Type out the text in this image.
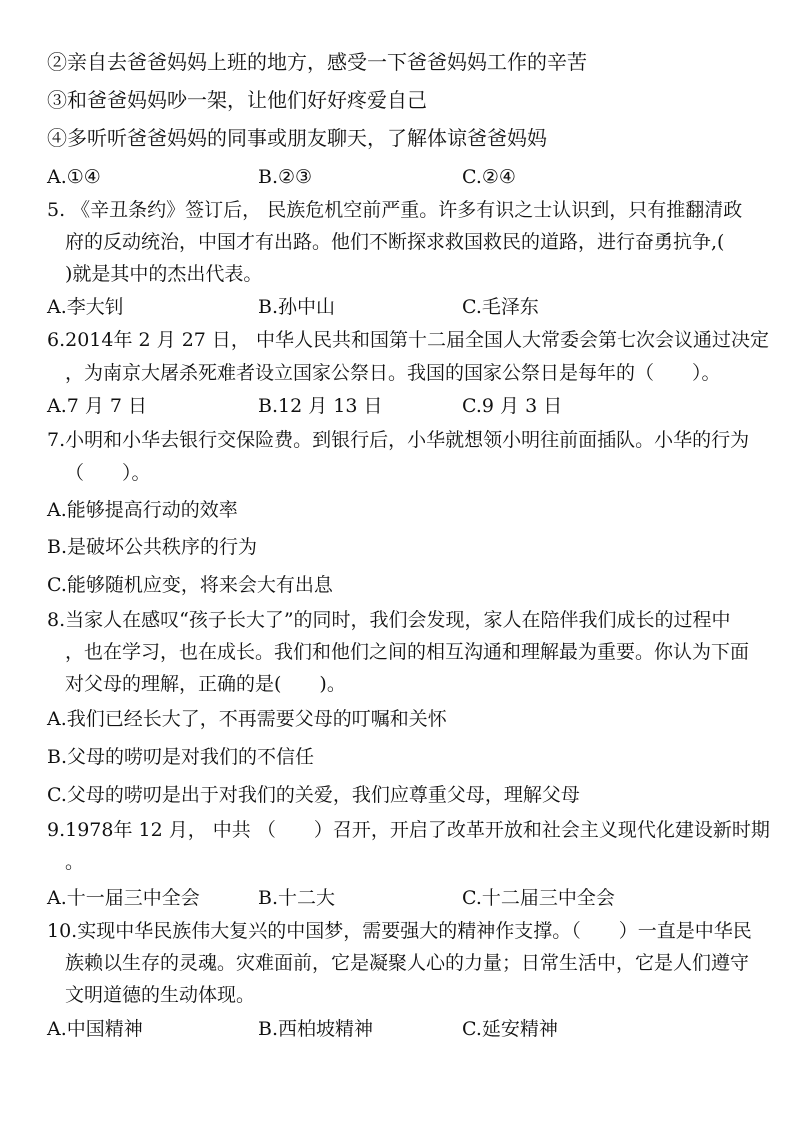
②亲自去爸爸妈妈上班的地方，感受一下爸爸妈妈工作的辛苦
③和爸爸妈妈吵一架，让他们好好疼爱自己
④多听听爸爸妈妈的同事或朋友聊天，了解体谅爸爸妈妈
A.①④	B.②③	C.②④
5. 《辛丑条约》签订后， 民族危机空前严重。许多有识之士认识到，只有推翻清政
府的反动统治，中国才有出路。他们不断探求救国救民的道路，进行奋勇抗争,(
)就是其中的杰出代表。
A.李大钊	B.孙中山	C.毛泽东
6.2014年 2 月 27 日， 中华人民共和国第十二届全国人大常委会第七次会议通过决定
，为南京大屠杀死难者设立国家公祭日。我国的国家公祭日是每年的（　　）。
A.7 月 7 日	B.12 月 13 日	C.9 月 3 日
7.小明和小华去银行交保险费。到银行后，小华就想领小明往前面插队。小华的行为
（　　）。
A.能够提高行动的效率
B.是破坏公共秩序的行为
C.能够随机应变，将来会大有出息
8.当家人在感叹“孩子长大了”的同时，我们会发现，家人在陪伴我们成长的过程中
，也在学习，也在成长。我们和他们之间的相互沟通和理解最为重要。你认为下面
对父母的理解，正确的是(　　)。
A.我们已经长大了，不再需要父母的叮嘱和关怀
B.父母的唠叨是对我们的不信任
C.父母的唠叨是出于对我们的关爱，我们应尊重父母，理解父母
9.1978年 12 月， 中共 （　　）召开，开启了改革开放和社会主义现代化建设新时期
。
A.十一届三中全会	B.十二大	C.十二届三中全会
10.实现中华民族伟大复兴的中国梦，需要强大的精神作支撑。（　　）一直是中华民
族赖以生存的灵魂。灾难面前，它是凝聚人心的力量；日常生活中，它是人们遵守
文明道德的生动体现。
A.中国精神	B.西柏坡精神	C.延安精神
